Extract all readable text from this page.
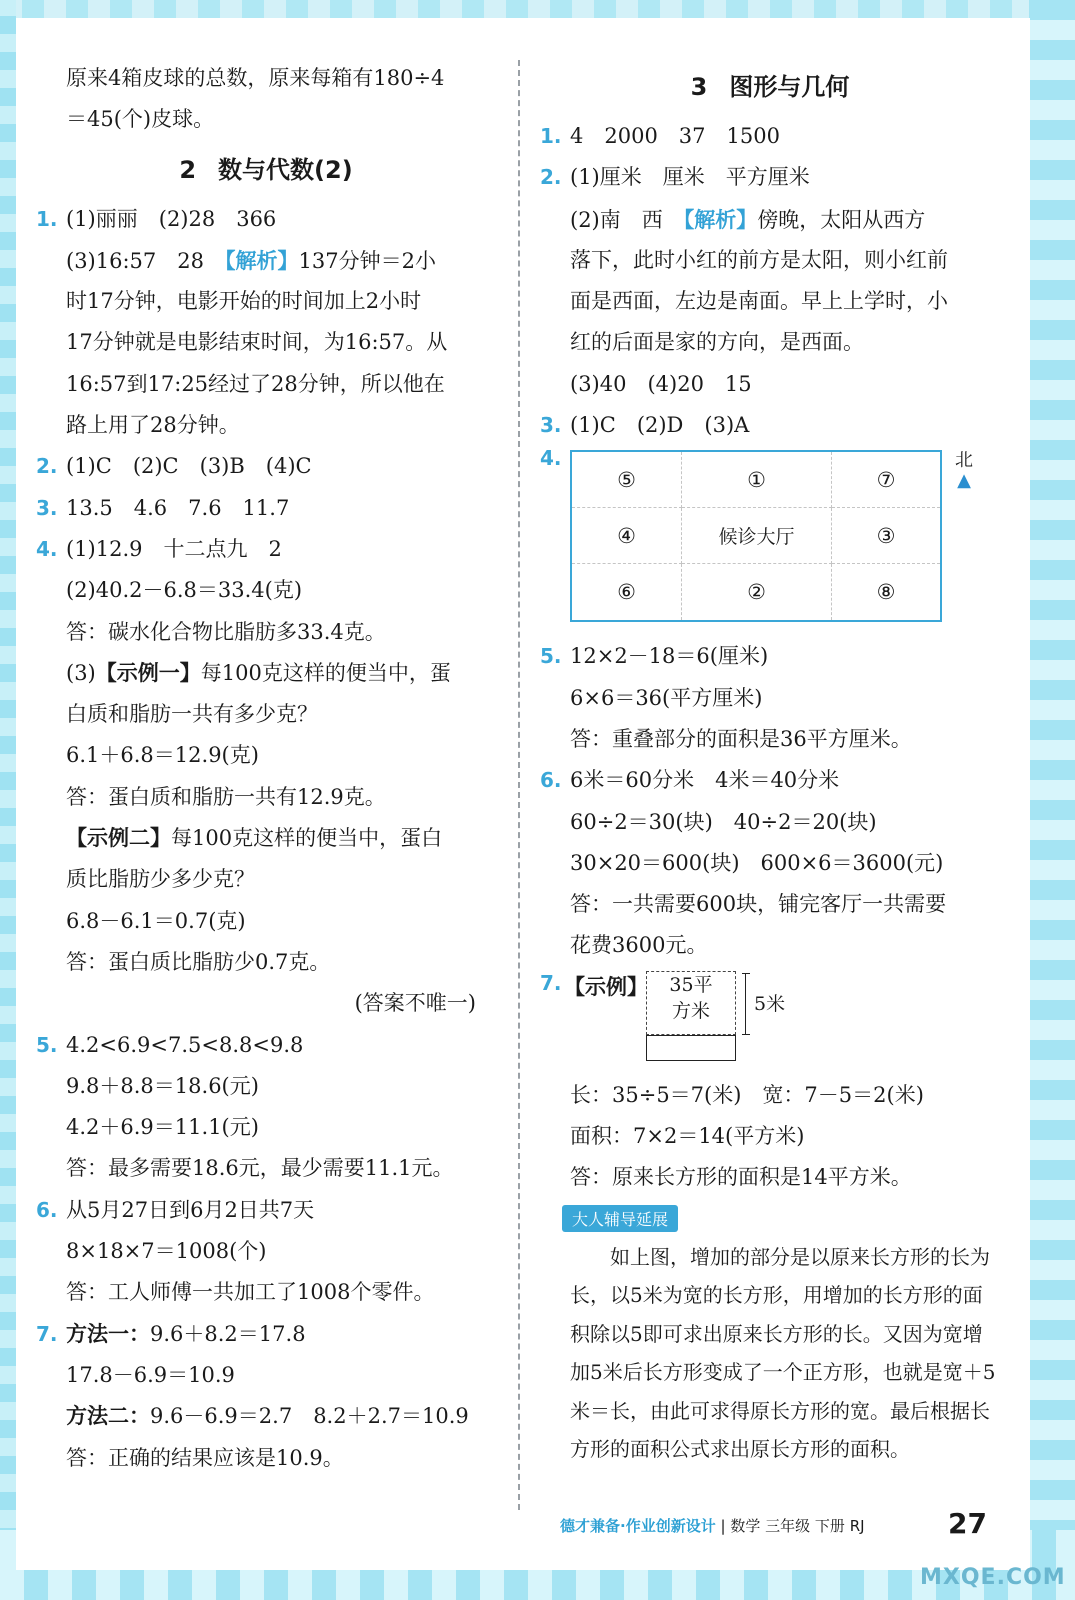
原来4箱皮球的总数，原来每箱有180÷4
＝45(个)皮球。
2 数与代数(2)
1. (1)丽丽　(2)28　366
(3)16:57　28　【解析】137分钟＝2小
时17分钟，电影开始的时间加上2小时
17分钟就是电影结束时间，为16:57。从
16:57到17:25经过了28分钟，所以他在
路上用了28分钟。
2. (1)C　(2)C　(3)B　(4)C
3. 13.5　4.6　7.6　11.7
4. (1)12.9　十二点九　2
(2)40.2－6.8＝33.4(克)
答：碳水化合物比脂肪多33.4克。
(3)【示例一】每100克这样的便当中，蛋
白质和脂肪一共有多少克？
6.1＋6.8＝12.9(克)
答：蛋白质和脂肪一共有12.9克。
【示例二】每100克这样的便当中，蛋白
质比脂肪少多少克？
6.8－6.1＝0.7(克)
答：蛋白质比脂肪少0.7克。
(答案不唯一)
5. 4.2<6.9<7.5<8.8<9.8
9.8＋8.8＝18.6(元)
4.2＋6.9＝11.1(元)
答：最多需要18.6元，最少需要11.1元。
6. 从5月27日到6月2日共7天
8×18×7＝1008(个)
答：工人师傅一共加工了1008个零件。
7. 方法一：9.6＋8.2＝17.8
17.8－6.9＝10.9
方法二：9.6－6.9＝2.7　8.2＋2.7＝10.9
答：正确的结果应该是10.9。
3 图形与几何
1. 4　2000　37　1500
2. (1)厘米　厘米　平方厘米
(2)南　西　【解析】傍晚，太阳从西方
落下，此时小红的前方是太阳，则小红前
面是西面，左边是南面。早上上学时，小
红的后面是家的方向，是西面。
(3)40　(4)20　15
3. (1)C　(2)D　(3)A
4.
⑤	①	⑦
④	候诊大厅	③
⑥	②	⑧
北
▲
5. 12×2－18＝6(厘米)
6×6＝36(平方厘米)
答：重叠部分的面积是36平方厘米。
6. 6米＝60分米　4米＝40分米
60÷2＝30(块)　40÷2＝20(块)
30×20＝600(块)　600×6＝3600(元)
答：一共需要600块，铺完客厅一共需要
花费3600元。
7. 【示例】	35平
方米	5米
长：35÷5＝7(米)　宽：7－5＝2(米)
面积：7×2＝14(平方米)
答：原来长方形的面积是14平方米。
大人辅导延展
如上图，增加的部分是以原来长方形的长为长，以5米为宽的长方形，用增加的长方形的面积除以5即可求出原来长方形的长。又因为宽增加5米后长方形变成了一个正方形，也就是宽＋5米＝长，由此可求得原长方形的宽。最后根据长方形的面积公式求出原长方形的面积。
德才兼备·作业创新设计 | 数学 三年级 下册 RJ	27
MXQE.COM
